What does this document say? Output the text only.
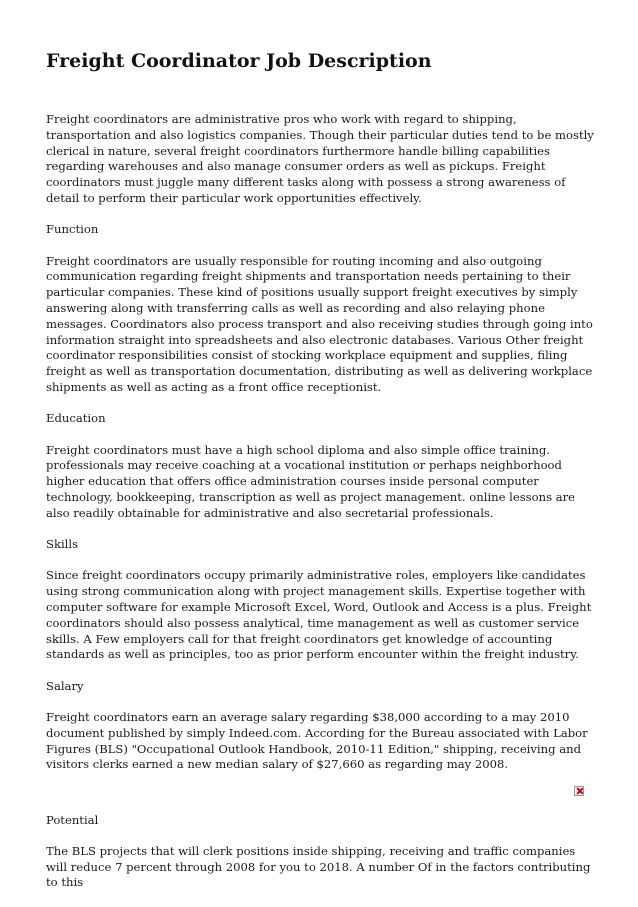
Freight Coordinator Job Description

Freight coordinators are administrative pros who work with regard to shipping, transportation and also logistics companies. Though their particular duties tend to be mostly clerical in nature, several freight coordinators furthermore handle billing capabilities regarding warehouses and also manage consumer orders as well as pickups. Freight coordinators must juggle many different tasks along with possess a strong awareness of detail to perform their particular work opportunities effectively.

Function

Freight coordinators are usually responsible for routing incoming and also outgoing communication regarding freight shipments and transportation needs pertaining to their particular companies. These kind of positions usually support freight executives by simply answering along with transferring calls as well as recording and also relaying phone messages. Coordinators also process transport and also receiving studies through going into information straight into spreadsheets and also electronic databases. Various Other freight coordinator responsibilities consist of stocking workplace equipment and supplies, filing freight as well as transportation documentation, distributing as well as delivering workplace shipments as well as acting as a front office receptionist.

Education

Freight coordinators must have a high school diploma and also simple office training. professionals may receive coaching at a vocational institution or perhaps neighborhood higher education that offers office administration courses inside personal computer technology, bookkeeping, transcription as well as project management. online lessons are also readily obtainable for administrative and also secretarial professionals.

Skills

Since freight coordinators occupy primarily administrative roles, employers like candidates using strong communication along with project management skills. Expertise together with computer software for example Microsoft Excel, Word, Outlook and Access is a plus. Freight coordinators should also possess analytical, time management as well as customer service skills. A Few employers call for that freight coordinators get knowledge of accounting standards as well as principles, too as prior perform encounter within the freight industry.

Salary

Freight coordinators earn an average salary regarding $38,000 according to a may 2010 document published by simply Indeed.com. According for the Bureau associated with Labor Figures (BLS) "Occupational Outlook Handbook, 2010-11 Edition," shipping, receiving and visitors clerks earned a new median salary of $27,660 as regarding may 2008.

Potential

The BLS projects that will clerk positions inside shipping, receiving and traffic companies will reduce 7 percent through 2008 for you to 2018. A number Of in the factors contributing to this
